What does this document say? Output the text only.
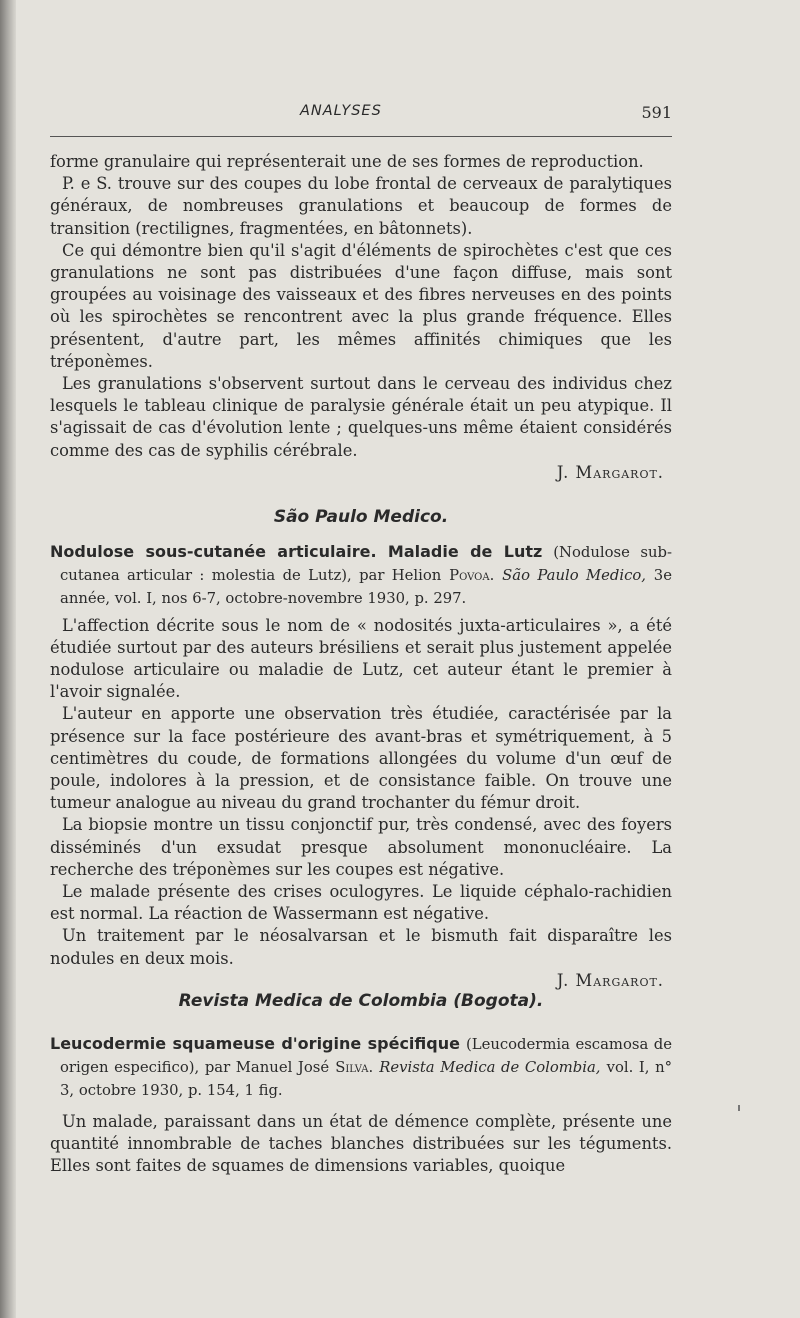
ANALYSES	591

forme granulaire qui représenterait une de ses formes de reproduction.

P. e S. trouve sur des coupes du lobe frontal de cerveaux de paralytiques généraux, de nombreuses granulations et beaucoup de formes de transition (rectilignes, fragmentées, en bâtonnets).

Ce qui démontre bien qu'il s'agit d'éléments de spirochètes c'est que ces granulations ne sont pas distribuées d'une façon diffuse, mais sont groupées au voisinage des vaisseaux et des fibres nerveuses en des points où les spirochètes se rencontrent avec la plus grande fréquence. Elles présentent, d'autre part, les mêmes affinités chimiques que les tréponèmes.

Les granulations s'observent surtout dans le cerveau des individus chez lesquels le tableau clinique de paralysie générale était un peu atypique. Il s'agissait de cas d'évolution lente ; quelques-uns même étaient considérés comme des cas de syphilis cérébrale.

J. Margarot.

São Paulo Medico.

Nodulose sous-cutanée articulaire. Maladie de Lutz (Nodulose sub-cutanea articular : molestia de Lutz), par Helion Povoa. São Paulo Medico, 3e année, vol. I, nos 6-7, octobre-novembre 1930, p. 297.

L'affection décrite sous le nom de « nodosités juxta-articulaires », a été étudiée surtout par des auteurs brésiliens et serait plus justement appelée nodulose articulaire ou maladie de Lutz, cet auteur étant le premier à l'avoir signalée.

L'auteur en apporte une observation très étudiée, caractérisée par la présence sur la face postérieure des avant-bras et symétriquement, à 5 centimètres du coude, de formations allongées du volume d'un œuf de poule, indolores à la pression, et de consistance faible. On trouve une tumeur analogue au niveau du grand trochanter du fémur droit.

La biopsie montre un tissu conjonctif pur, très condensé, avec des foyers disséminés d'un exsudat presque absolument mononucléaire. La recherche des tréponèmes sur les coupes est négative.

Le malade présente des crises oculogyres. Le liquide céphalo-rachidien est normal. La réaction de Wassermann est négative.

Un traitement par le néosalvarsan et le bismuth fait disparaître les nodules en deux mois.

J. Margarot.

Revista Medica de Colombia (Bogota).

Leucodermie squameuse d'origine spécifique (Leucodermia escamosa de origen especifico), par Manuel José Silva. Revista Medica de Colombia, vol. I, n° 3, octobre 1930, p. 154, 1 fig.

Un malade, paraissant dans un état de démence complète, présente une quantité innombrable de taches blanches distribuées sur les téguments. Elles sont faites de squames de dimensions variables, quoique
